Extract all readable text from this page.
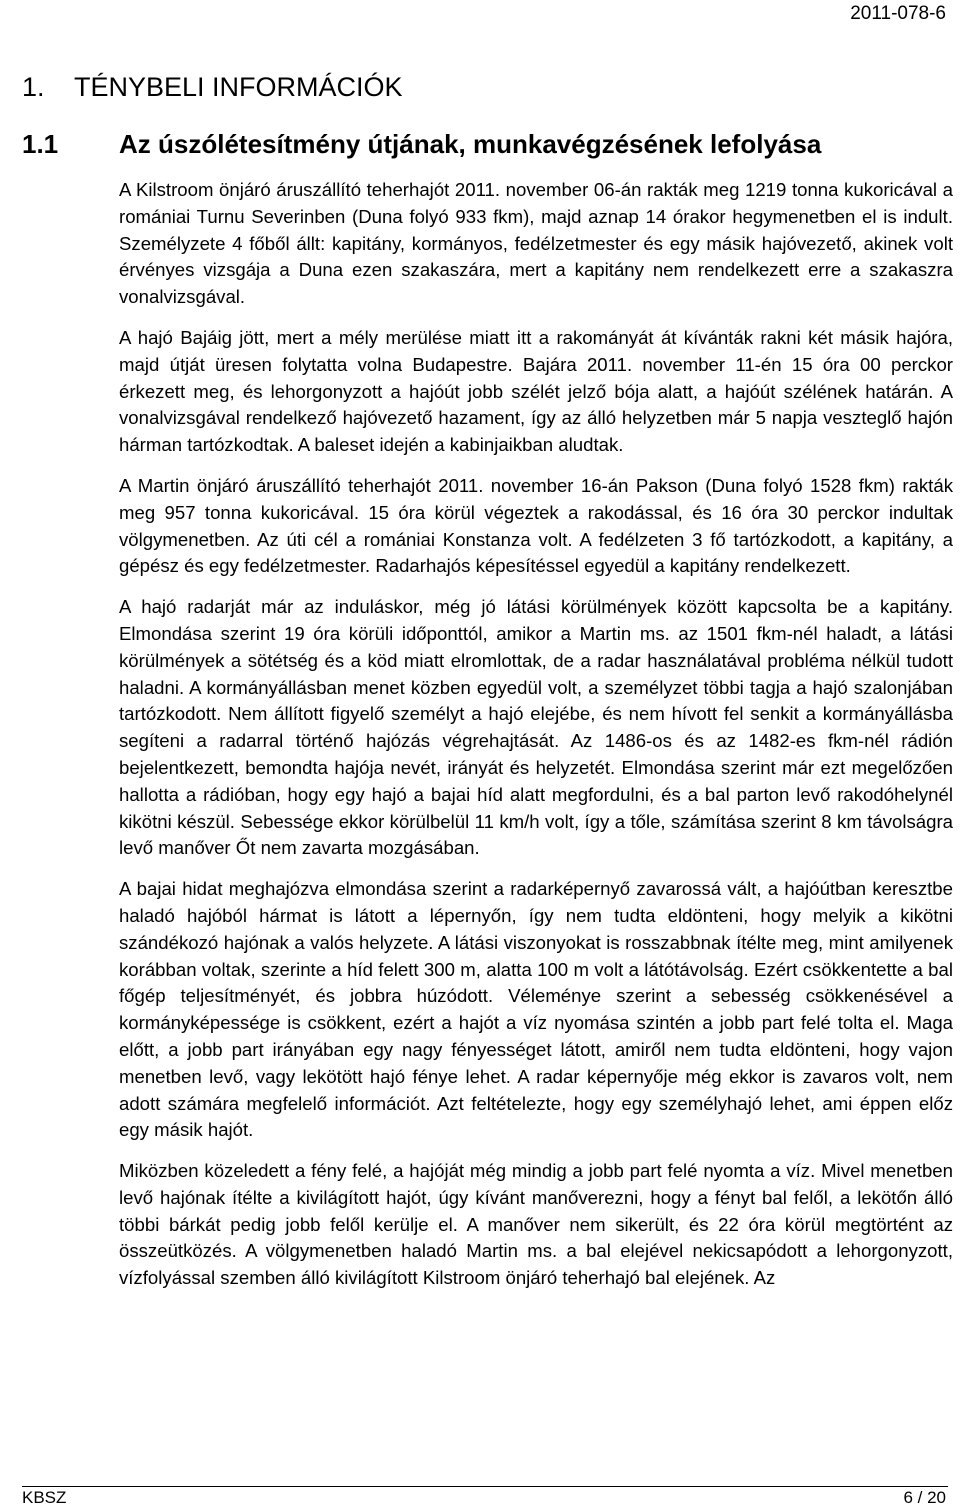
2011-078-6
1. TÉNYBELI INFORMÁCIÓK
1.1 Az úszólétesítmény útjának, munkavégzésének lefolyása

A Kilstroom önjáró áruszállító teherhajót 2011. november 06-án rakták meg 1219 tonna kukoricával a romániai Turnu Severinben (Duna folyó 933 fkm), majd aznap 14 órakor hegymenetben el is indult. Személyzete 4 főből állt: kapitány, kormányos, fedélzetmester és egy másik hajóvezető, akinek volt érvényes vizsgája a Duna ezen szakaszára, mert a kapitány nem rendelkezett erre a szakaszra vonalvizsgával.

A hajó Bajáig jött, mert a mély merülése miatt itt a rakományát át kívánták rakni két másik hajóra, majd útját üresen folytatta volna Budapestre. Bajára 2011. november 11-én 15 óra 00 perckor érkezett meg, és lehorgonyzott a hajóút jobb szélét jelző bója alatt, a hajóút szélének határán. A vonalvizsgával rendelkező hajóvezető hazament, így az álló helyzetben már 5 napja veszteglő hajón hárman tartózkodtak. A baleset idején a kabinjaikban aludtak.

A Martin önjáró áruszállító teherhajót 2011. november 16-án Pakson (Duna folyó 1528 fkm) rakták meg 957 tonna kukoricával. 15 óra körül végeztek a rakodással, és 16 óra 30 perckor indultak völgymenetben. Az úti cél a romániai Konstanza volt. A fedélzeten 3 fő tartózkodott, a kapitány, a gépész és egy fedélzetmester. Radarhajós képesítéssel egyedül a kapitány rendelkezett.

A hajó radarját már az induláskor, még jó látási körülmények között kapcsolta be a kapitány. Elmondása szerint 19 óra körüli időponttól, amikor a Martin ms. az 1501 fkm-nél haladt, a látási körülmények a sötétség és a köd miatt elromlottak, de a radar használatával probléma nélkül tudott haladni. A kormányállásban menet közben egyedül volt, a személyzet többi tagja a hajó szalonjában tartózkodott. Nem állított figyelő személyt a hajó elejébe, és nem hívott fel senkit a kormányállásba segíteni a radarral történő hajózás végrehajtását. Az 1486-os és az 1482-es fkm-nél rádión bejelentkezett, bemondta hajója nevét, irányát és helyzetét. Elmondása szerint már ezt megelőzően hallotta a rádióban, hogy egy hajó a bajai híd alatt megfordulni, és a bal parton levő rakodóhelynél kikötni készül. Sebessége ekkor körülbelül 11 km/h volt, így a tőle, számítása szerint 8 km távolságra levő manőver Őt nem zavarta mozgásában.

A bajai hidat meghajózva elmondása szerint a radarképernyő zavarossá vált, a hajóútban keresztbe haladó hajóból hármat is látott a lépernyőn, így nem tudta eldönteni, hogy melyik a kikötni szándékozó hajónak a valós helyzete. A látási viszonyokat is rosszabbnak ítélte meg, mint amilyenek korábban voltak, szerinte a híd felett 300 m, alatta 100 m volt a látótávolság. Ezért csökkentette a bal főgép teljesítményét, és jobbra húzódott. Véleménye szerint a sebesség csökkenésével a kormányképessége is csökkent, ezért a hajót a víz nyomása szintén a jobb part felé tolta el. Maga előtt, a jobb part irányában egy nagy fényességet látott, amiről nem tudta eldönteni, hogy vajon menetben levő, vagy lekötött hajó fénye lehet. A radar képernyője még ekkor is zavaros volt, nem adott számára megfelelő információt. Azt feltételezte, hogy egy személyhajó lehet, ami éppen előz egy másik hajót.

Miközben közeledett a fény felé, a hajóját még mindig a jobb part felé nyomta a víz. Mivel menetben levő hajónak ítélte a kivilágított hajót, úgy kívánt manőverezni, hogy a fényt bal felől, a lekötőn álló többi bárkát pedig jobb felől kerülje el. A manőver nem sikerült, és 22 óra körül megtörtént az összeütközés. A völgymenetben haladó Martin ms. a bal elejével nekicsapódott a lehorgonyzott, vízfolyással szemben álló kivilágított Kilstroom önjáró teherhajó bal elejének. Az

KBSZ	6 / 20
